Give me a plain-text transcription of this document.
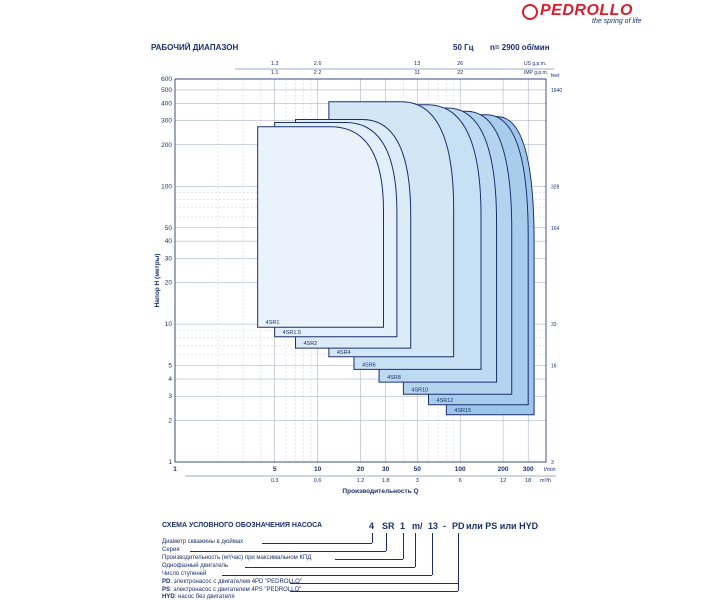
PEDROLLO
the spring of life
РАБОЧИЙ ДИАПАЗОН	50 Гц n= 2900 об/мин
4SR15
4SR12
4SR10
4SR8
4SR6
4SR4
4SR2
4SR1.5
4SR1
1
2
3
4
5
10
20
30
40
50
100
200
300
400
500
600
Напор H (метры)
1	5	10	20	30	50	100	200 300 l/min
0.3	0.6	1.2	1.8	3	6	12	18 m³/h
Производительность Q
1.3	2.6	13	26	US g.p.m.
1.1	2.2	11	22	IMP g.p.m. feet
1640
328
164
33
16
3
СХЕМА УСЛОВНОГО ОБОЗНАЧЕНИЯ НАСОСА	4 SR 1 m/ 13 - PD или PS или HYD
Диаметр скважины в дюймах
Серия
Производительность (м³/час) при максимальном КПД
Однофазный двигатель
Число ступеней
PD: электронасос с двигателем 4PD "PEDROLLO"
PS: электронасос с двигателем 4PS "PEDROLLO"
HYD: насос без двигателя
